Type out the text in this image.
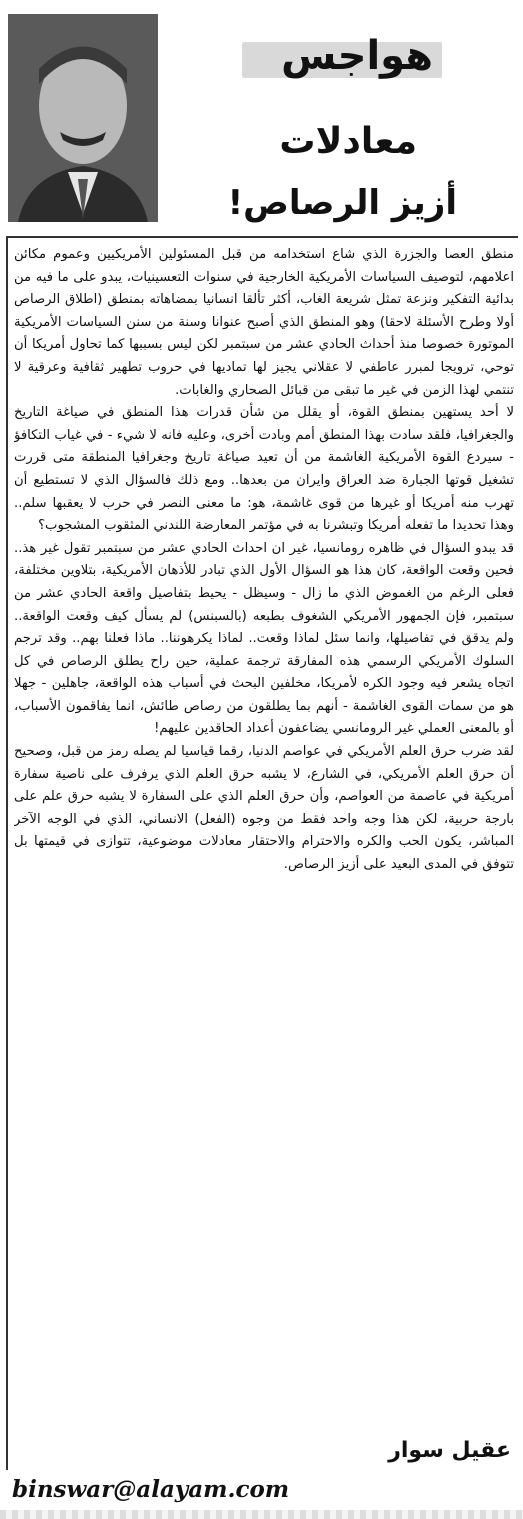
هواجس
معادلات
أزيز الرصاص!

منطق العصا والجزرة الذي شاع استخدامه من قبل المسئولين الأمريكيين وعموم مكائن اعلامهم، لتوصيف السياسات الأمريكية الخارجية في سنوات التعسينيات، يبدو على ما فيه من بدائية التفكير ونزعة تمثل شريعة الغاب، أكثر تألقا انسانيا بمضاهاته بمنطق (اطلاق الرصاص أولا وطرح الأسئلة لاحقا) وهو المنطق الذي أصبح عنوانا وسنة من سنن السياسات الأمريكية الموتورة خصوصا منذ أحداث الحادي عشر من سبتمبر لكن ليس بسببها كما تحاول أمريكا أن توحي، ترويجا لمبرر عاطفي لا عقلاني يجيز لها تماديها في حروب تطهير ثقافية وعرقية لا تنتمي لهذا الزمن في غير ما تبقى من قبائل الصحاري والغابات.

لا أحد يستهين بمنطق القوة، أو يقلل من شأن قدرات هذا المنطق في صياغة التاريخ والجغرافيا، فلقد سادت بهذا المنطق أمم وبادت أخرى، وعليه فانه لا شيء - في غياب التكافؤ - سيردع القوة الأمريكية الغاشمة من أن تعيد صياغة تاريخ وجغرافيا المنطقة متى قررت تشغيل قوتها الجبارة ضد العراق وايران من بعدها.. ومع ذلك فالسؤال الذي لا تستطيع أن تهرب منه أمريكا أو غيرها من قوى غاشمة، هو: ما معنى النصر في حرب لا يعقبها سلم.. وهذا تحديدا ما تفعله أمريكا وتبشرنا به في مؤتمر المعارضة اللندني المثقوب المشجوب؟

قد يبدو السؤال في ظاهره رومانسيا، غير ان احداث الحادي عشر من سبتمبر تقول غير هذ.. فحين وقعت الواقعة، كان هذا هو السؤال الأول الذي تبادر للأذهان الأمريكية، بتلاوين مختلفة، فعلى الرغم من الغموض الذي ما زال - وسيظل - يحيط بتفاصيل واقعة الحادي عشر من سبتمبر، فإن الجمهور الأمريكي الشغوف بطبعه (بالسبنس) لم يسأل كيف وقعت الواقعة.. ولم يدقق في تفاصيلها، وانما سئل لماذا وقعت.. لماذا يكرهوننا.. ماذا فعلنا بهم.. وقد ترجم السلوك الأمريكي الرسمي هذه المفارقة ترجمة عملية، حين راح يطلق الرصاص في كل اتجاه يشعر فيه وجود الكره لأمريكا، مخلفين البحث في أسباب هذه الواقعة، جاهلين - جهلا هو من سمات القوى الغاشمة - أنهم بما يطلقون من رصاص طائش، انما يفاقمون الأسباب، أو بالمعنى العملي غير الرومانسي يضاعفون أعداد الحاقدين عليهم!

لقد ضرب حرق العلم الأمريكي في عواصم الدنيا، رقما قياسيا لم يصله رمز من قبل، وصحيح أن حرق العلم الأمريكي، في الشارع، لا يشبه حرق العلم الذي يرفرف على ناصية سفارة أمريكية في عاصمة من العواصم، وأن حرق العلم الذي على السفارة لا يشبه حرق علم على بارجة حربية، لكن هذا وجه واحد فقط من وجوه (الفعل) الانساني، الذي في الوجه الآخر المباشر، يكون الحب والكره والاحترام والاحتقار معادلات موضوعية، تتوازى في قيمتها بل تتوفق في المدى البعيد على أزيز الرصاص.

عقيل سوار
binswar@alayam.com
